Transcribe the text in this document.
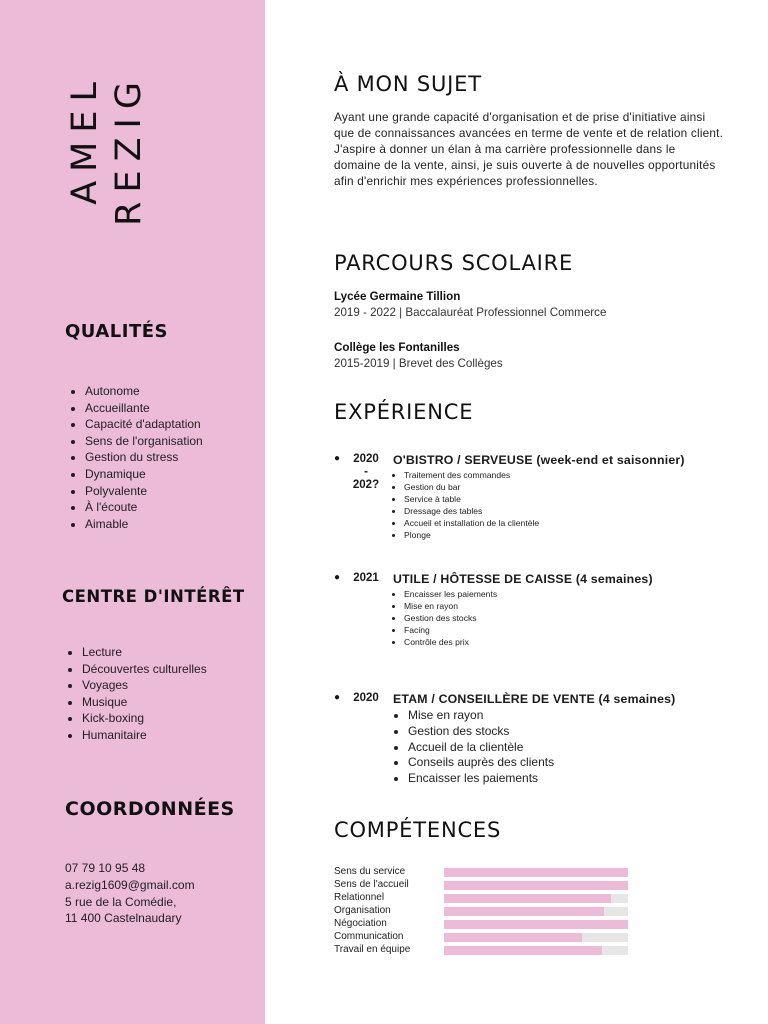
AMEL REZIG
QUALITÉS
• Autonome
• Accueillante
• Capacité d'adaptation
• Sens de l'organisation
• Gestion du stress
• Dynamique
• Polyvalente
• À l'écoute
• Aimable
CENTRE D'INTÉRÊT
• Lecture
• Découvertes culturelles
• Voyages
• Musique
• Kick-boxing
• Humanitaire
COORDONNÉES
07 79 10 95 48
a.rezig1609@gmail.com
5 rue de la Comédie,
11 400 Castelnaudary
À MON SUJET

Ayant une grande capacité d'organisation et de prise d'initiative ainsi que de connaissances avancées en terme de vente et de relation client. J'aspire à donner un élan à ma carrière professionnelle dans le domaine de la vente, ainsi, je suis ouverte à de nouvelles opportunités afin d'enrichir mes expériences professionnelles.

PARCOURS SCOLAIRE
Lycée Germaine Tillion
2019 - 2022 | Baccalauréat Professionnel Commerce
Collège les Fontanilles
2015-2019 | Brevet des Collèges
EXPÉRIENCE
● 2020 - 202?
O'BISTRO / SERVEUSE (week-end et saisonnier)
• Traitement des commandes
• Gestion du bar
• Service à table
• Dressage des tables
• Accueil et installation de la clientèle
• Plonge
● 2021 UTILE / HÔTESSE DE CAISSE (4 semaines)
• Encaisser les paiements
• Mise en rayon
• Gestion des stocks
• Facing
• Contrôle des prix
● 2020 ETAM / CONSEILLÈRE DE VENTE (4 semaines)
• Mise en rayon
• Gestion des stocks
• Accueil de la clientèle
• Conseils auprès des clients
• Encaisser les paiements
COMPÉTENCES
Sens du service
Sens de l'accueil
Relationnel
Organisation
Négociation
Communication
Travail en équipe
